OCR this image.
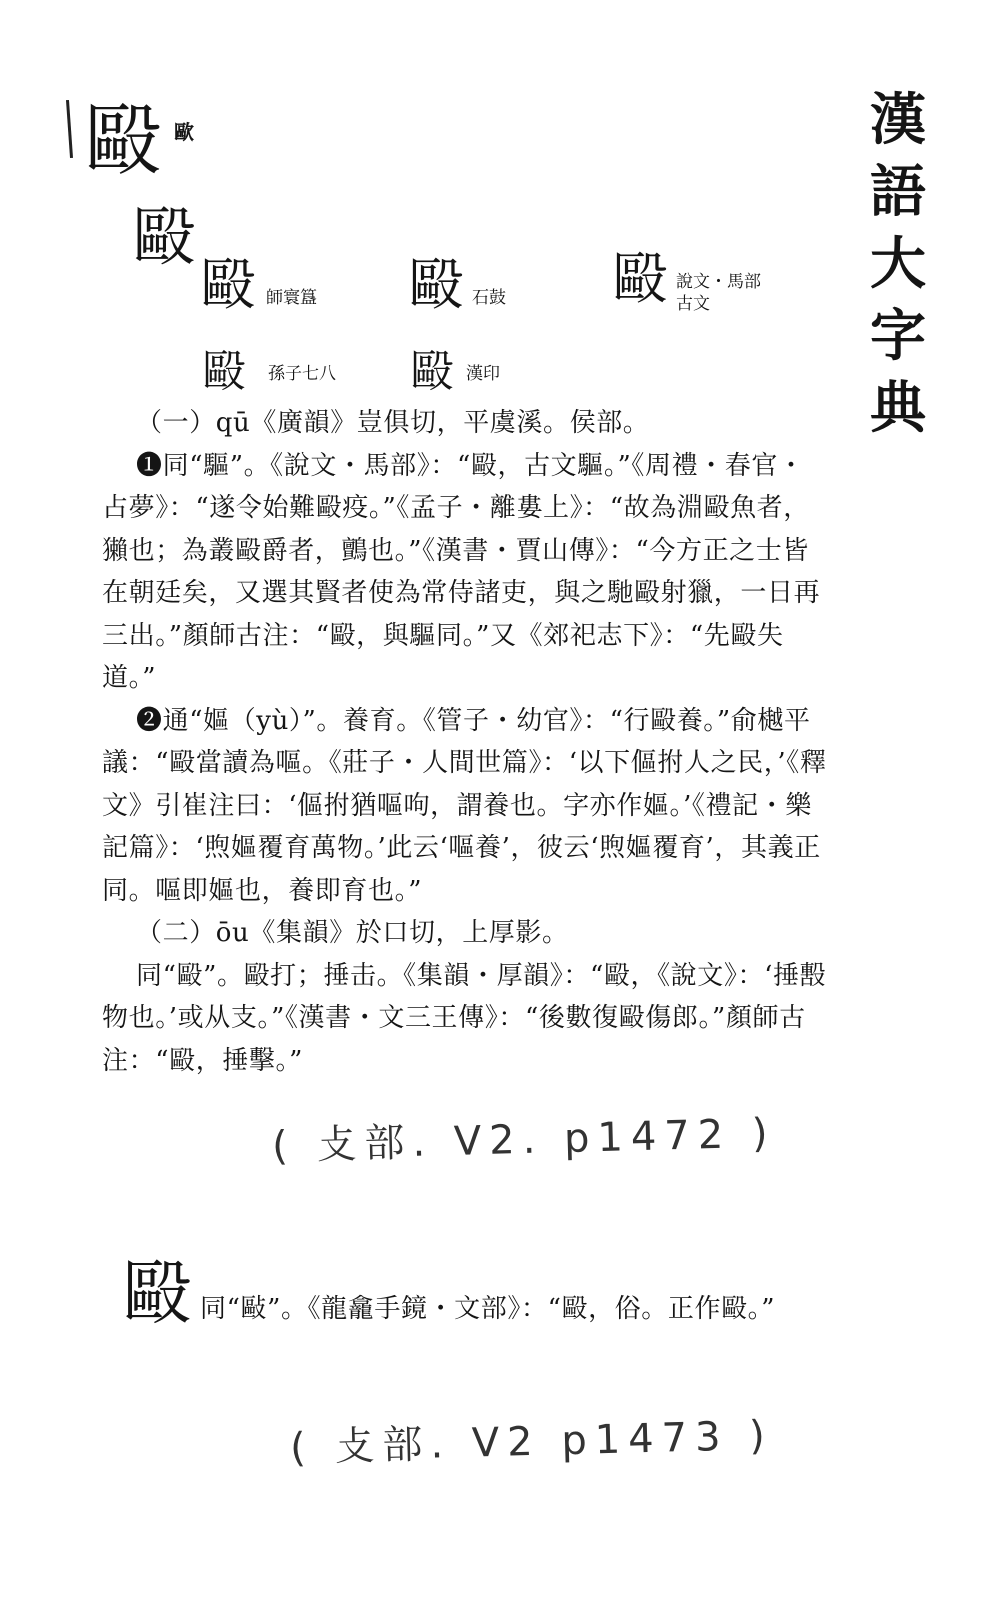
漢
語
大
字
典
毆 歐
毆
毆 師寰簋 毆 石鼓 毆 說文・馬部
古文
毆 孫子七八 毆 漢印

（一）qū《廣韻》豈俱切，平虞溪。侯部。

❶同“驅”。《說文・馬部》：“毆，古文驅。”《周禮・春官・占夢》：“遂令始難毆疫。”《孟子・離婁上》：“故為淵毆魚者，獺也；為叢毆爵者，鸇也。”《漢書・賈山傳》：“今方正之士皆在朝廷矣，又選其賢者使為常侍諸吏，與之馳毆射獵，一日再三出。”顏師古注：“毆，與驅同。”又《郊祀志下》：“先毆失道。”

❷通“嫗（yù）”。養育。《管子・幼官》：“行毆養。”俞樾平議：“毆當讀為嘔。《莊子・人間世篇》：‘以下傴拊人之民，’《釋文》引崔注曰：‘傴拊猶嘔呴，謂養也。字亦作嫗。’《禮記・樂記篇》：‘煦嫗覆育萬物。’此云‘嘔養’，彼云‘煦嫗覆育’，其義正同。嘔即嫗也，養即育也。”

（二）ōu《集韻》於口切，上厚影。

同“毆”。毆打；捶击。《集韻・厚韻》：“毆，《說文》：‘捶毄物也。’或从支。”《漢書・文三王傳》：“後數復毆傷郎。”顏師古注：“毆，捶擊。”

( 攴部. V2. p1472 )
毆 同“敺”。《龍龕手鏡・文部》：“毆，俗。正作毆。”
( 攴部. V2 p1473 )
